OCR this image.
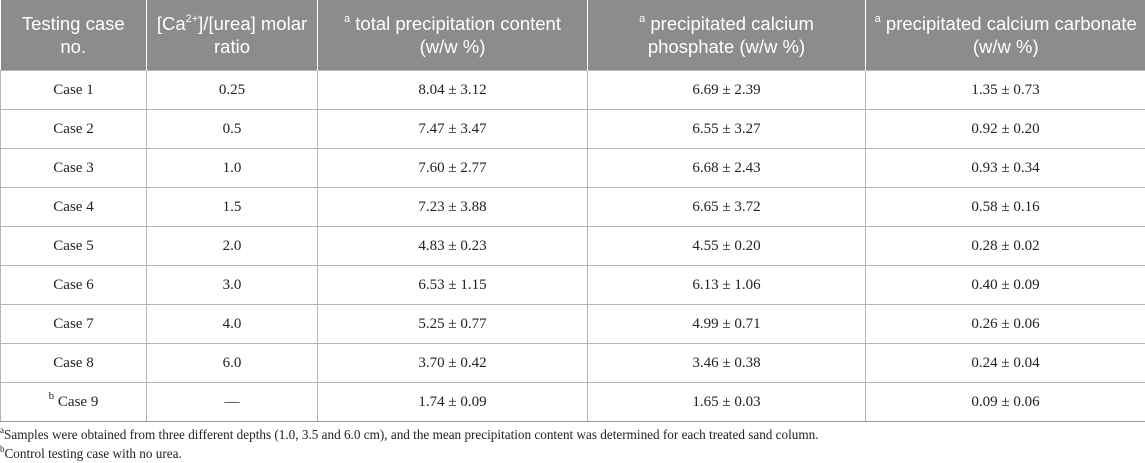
Testing case no.	$[Ca^{2+}]/[urea]$ molar ratio	$^a$ total precipitation content (w/w %)	$^a$ precipitated calcium phosphate (w/w %)	$^a$ precipitated calcium carbonate (w/w %)
Case 1	0.25	8.04 ± 3.12	6.69 ± 2.39	1.35 ± 0.73
Case 2	0.5	7.47 ± 3.47	6.55 ± 3.27	0.92 ± 0.20
Case 3	1.0	7.60 ± 2.77	6.68 ± 2.43	0.93 ± 0.34
Case 4	1.5	7.23 ± 3.88	6.65 ± 3.72	0.58 ± 0.16
Case 5	2.0	4.83 ± 0.23	4.55 ± 0.20	0.28 ± 0.02
Case 6	3.0	6.53 ± 1.15	6.13 ± 1.06	0.40 ± 0.09
Case 7	4.0	5.25 ± 0.77	4.99 ± 0.71	0.26 ± 0.06
Case 8	6.0	3.70 ± 0.42	3.46 ± 0.38	0.24 ± 0.04
$^b$ Case 9	—	1.74 ± 0.09	1.65 ± 0.03	0.09 ± 0.06
$^a$Samples were obtained from three different depths (1.0, 3.5 and 6.0 cm), and the mean precipitation content was determined for each treated sand column.
$^b$Control testing case with no urea.
